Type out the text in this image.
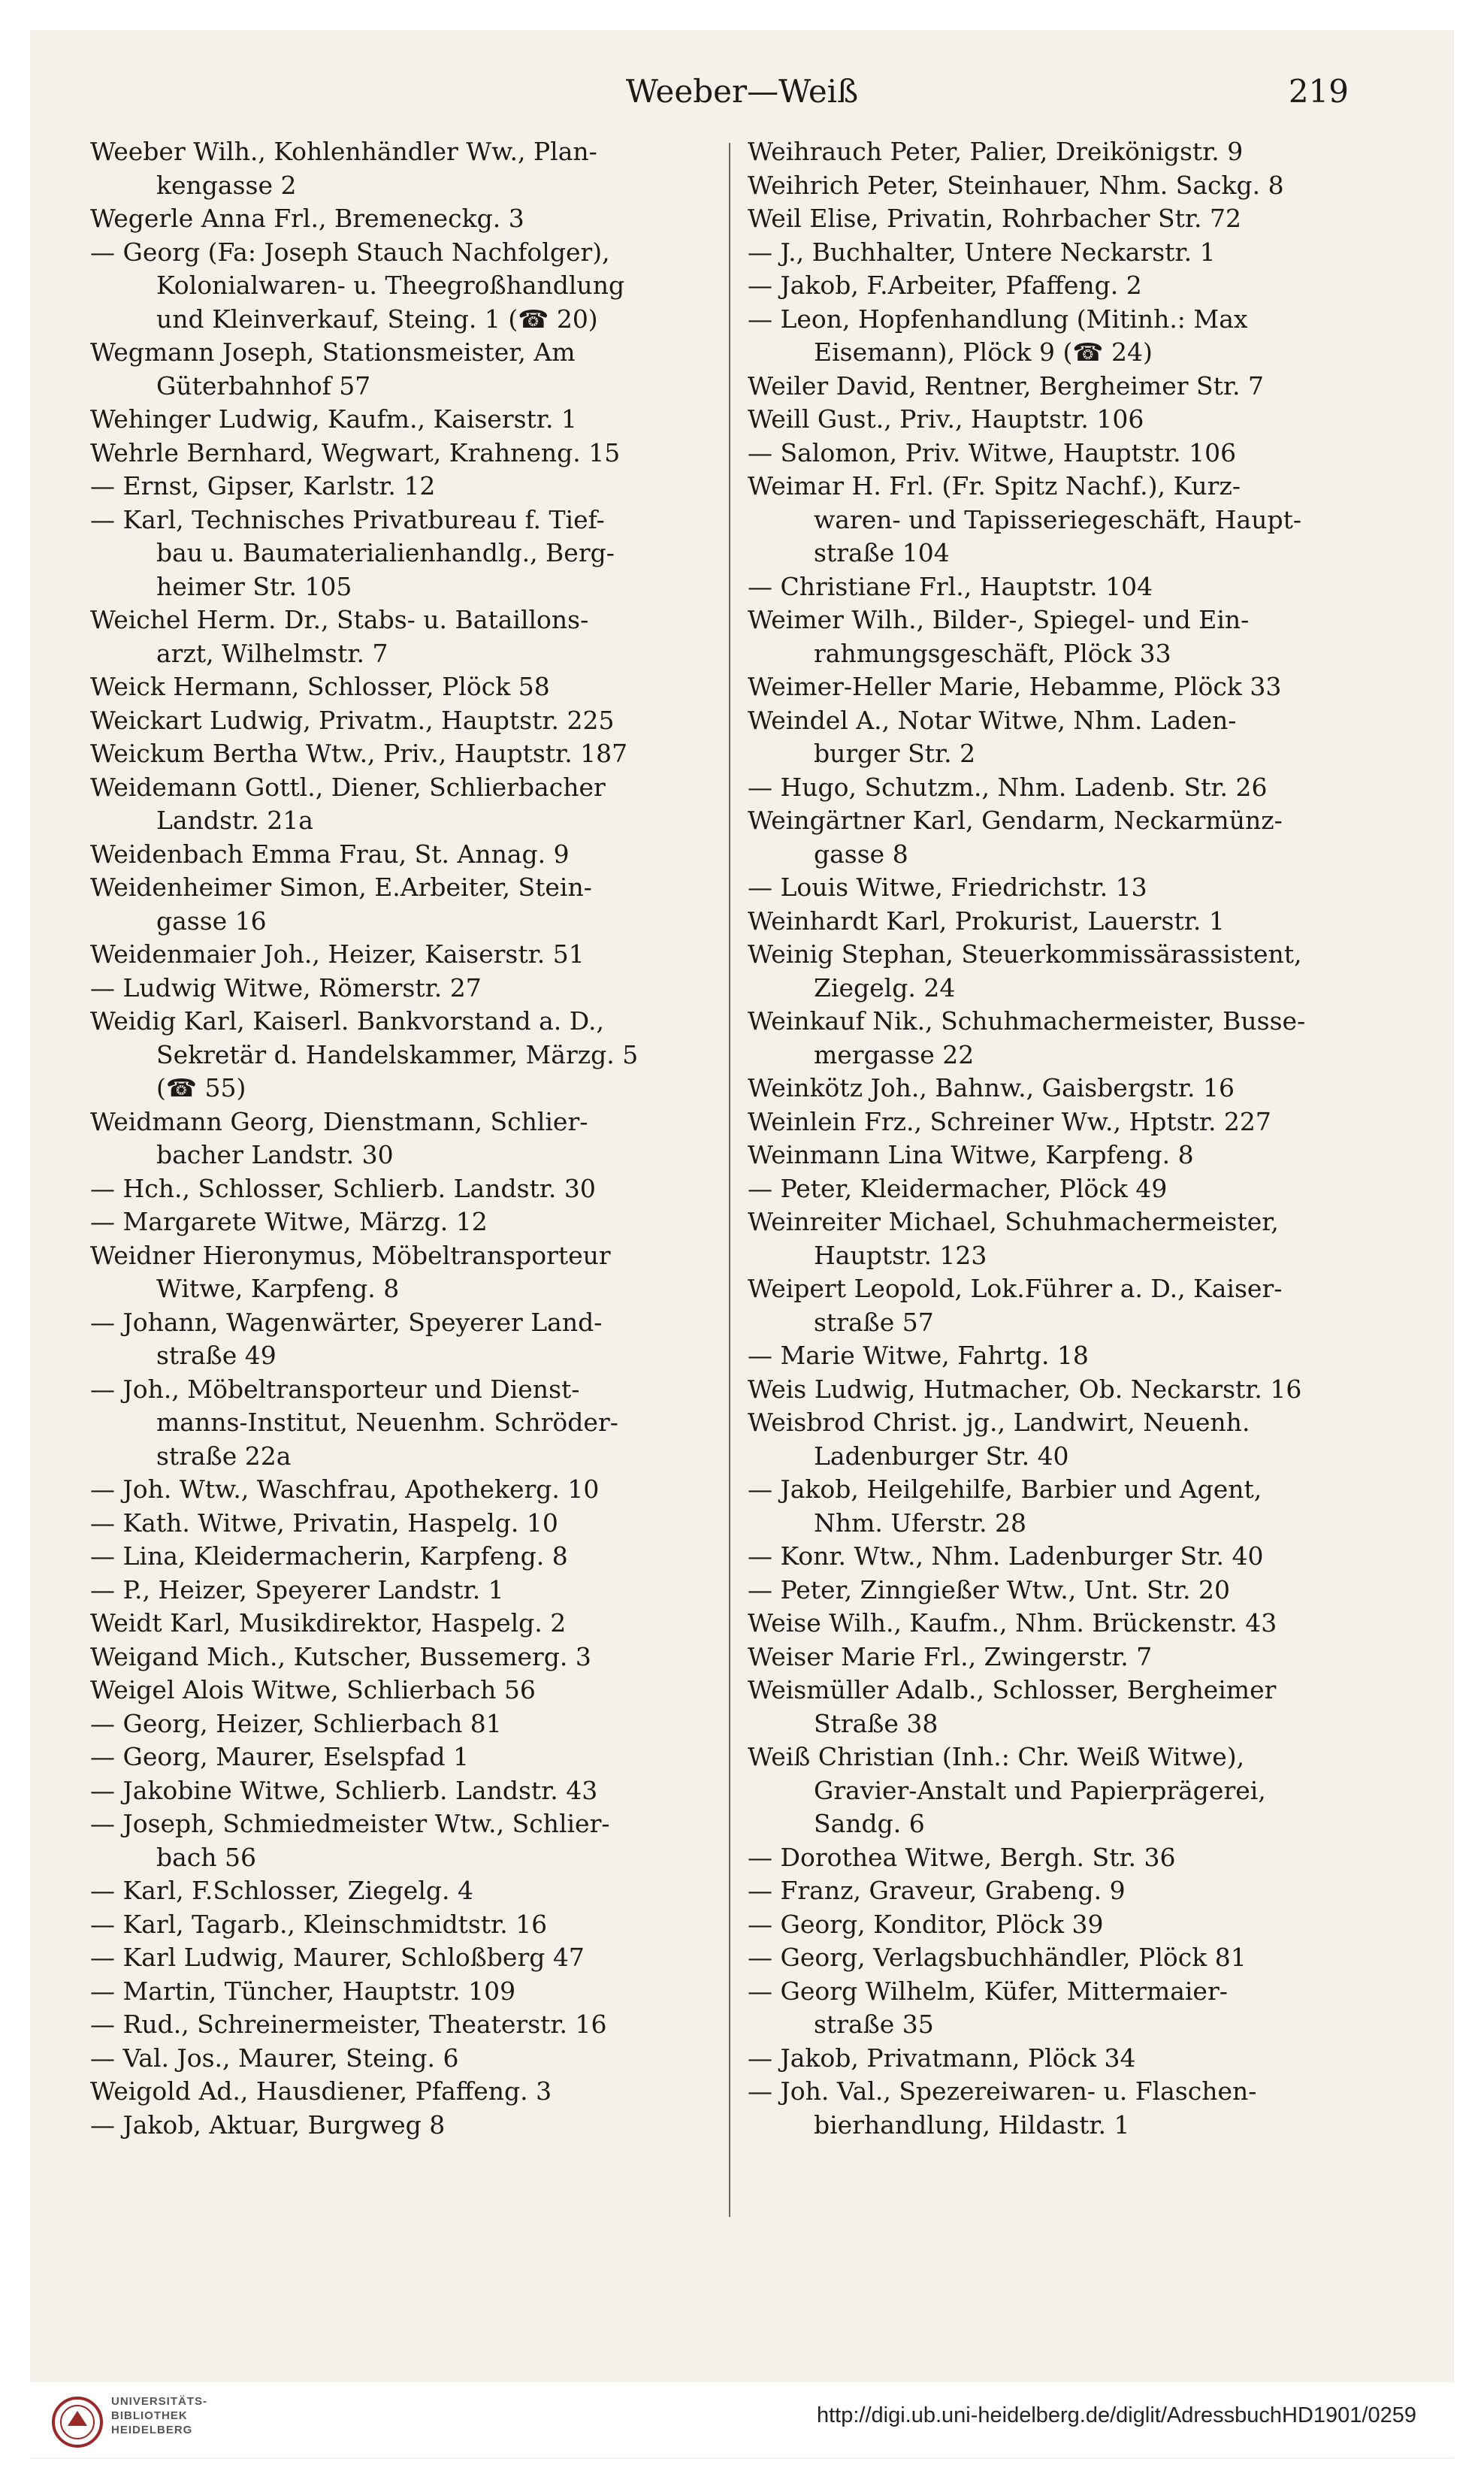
Weeber—Weiß	219
Weeber Wilh., Kohlenhändler Ww., Plan-
kengasse 2
Wegerle Anna Frl., Bremeneckg. 3
— Georg (Fa: Joseph Stauch Nachfolger),
Kolonialwaren- u. Theegroßhandlung
und Kleinverkauf, Steing. 1 (☎ 20)
Wegmann Joseph, Stationsmeister, Am
Güterbahnhof 57
Wehinger Ludwig, Kaufm., Kaiserstr. 1
Wehrle Bernhard, Wegwart, Krahneng. 15
— Ernst, Gipser, Karlstr. 12
— Karl, Technisches Privatbureau f. Tief-
bau u. Baumaterialienhandlg., Berg-
heimer Str. 105
Weichel Herm. Dr., Stabs- u. Bataillons-
arzt, Wilhelmstr. 7
Weick Hermann, Schlosser, Plöck 58
Weickart Ludwig, Privatm., Hauptstr. 225
Weickum Bertha Wtw., Priv., Hauptstr. 187
Weidemann Gottl., Diener, Schlierbacher
Landstr. 21a
Weidenbach Emma Frau, St. Annag. 9
Weidenheimer Simon, E.Arbeiter, Stein-
gasse 16
Weidenmaier Joh., Heizer, Kaiserstr. 51
— Ludwig Witwe, Römerstr. 27
Weidig Karl, Kaiserl. Bankvorstand a. D.,
Sekretär d. Handelskammer, Märzg. 5
(☎ 55)
Weidmann Georg, Dienstmann, Schlier-
bacher Landstr. 30
— Hch., Schlosser, Schlierb. Landstr. 30
— Margarete Witwe, Märzg. 12
Weidner Hieronymus, Möbeltransporteur
Witwe, Karpfeng. 8
— Johann, Wagenwärter, Speyerer Land-
straße 49
— Joh., Möbeltransporteur und Dienst-
manns-Institut, Neuenhm. Schröder-
straße 22a
— Joh. Wtw., Waschfrau, Apothekerg. 10
— Kath. Witwe, Privatin, Haspelg. 10
— Lina, Kleidermacherin, Karpfeng. 8
— P., Heizer, Speyerer Landstr. 1
Weidt Karl, Musikdirektor, Haspelg. 2
Weigand Mich., Kutscher, Bussemerg. 3
Weigel Alois Witwe, Schlierbach 56
— Georg, Heizer, Schlierbach 81
— Georg, Maurer, Eselspfad 1
— Jakobine Witwe, Schlierb. Landstr. 43
— Joseph, Schmiedmeister Wtw., Schlier-
bach 56
— Karl, F.Schlosser, Ziegelg. 4
— Karl, Tagarb., Kleinschmidtstr. 16
— Karl Ludwig, Maurer, Schloßberg 47
— Martin, Tüncher, Hauptstr. 109
— Rud., Schreinermeister, Theaterstr. 16
— Val. Jos., Maurer, Steing. 6
Weigold Ad., Hausdiener, Pfaffeng. 3
— Jakob, Aktuar, Burgweg 8
Weihrauch Peter, Palier, Dreikönigstr. 9
Weihrich Peter, Steinhauer, Nhm. Sackg. 8
Weil Elise, Privatin, Rohrbacher Str. 72
— J., Buchhalter, Untere Neckarstr. 1
— Jakob, F.Arbeiter, Pfaffeng. 2
— Leon, Hopfenhandlung (Mitinh.: Max
Eisemann), Plöck 9 (☎ 24)
Weiler David, Rentner, Bergheimer Str. 7
Weill Gust., Priv., Hauptstr. 106
— Salomon, Priv. Witwe, Hauptstr. 106
Weimar H. Frl. (Fr. Spitz Nachf.), Kurz-
waren- und Tapisseriegeschäft, Haupt-
straße 104
— Christiane Frl., Hauptstr. 104
Weimer Wilh., Bilder-, Spiegel- und Ein-
rahmungsgeschäft, Plöck 33
Weimer-Heller Marie, Hebamme, Plöck 33
Weindel A., Notar Witwe, Nhm. Laden-
burger Str. 2
— Hugo, Schutzm., Nhm. Ladenb. Str. 26
Weingärtner Karl, Gendarm, Neckarmünz-
gasse 8
— Louis Witwe, Friedrichstr. 13
Weinhardt Karl, Prokurist, Lauerstr. 1
Weinig Stephan, Steuerkommissärassistent,
Ziegelg. 24
Weinkauf Nik., Schuhmachermeister, Busse-
mergasse 22
Weinkötz Joh., Bahnw., Gaisbergstr. 16
Weinlein Frz., Schreiner Ww., Hptstr. 227
Weinmann Lina Witwe, Karpfeng. 8
— Peter, Kleidermacher, Plöck 49
Weinreiter Michael, Schuhmachermeister,
Hauptstr. 123
Weipert Leopold, Lok.Führer a. D., Kaiser-
straße 57
— Marie Witwe, Fahrtg. 18
Weis Ludwig, Hutmacher, Ob. Neckarstr. 16
Weisbrod Christ. jg., Landwirt, Neuenh.
Ladenburger Str. 40
— Jakob, Heilgehilfe, Barbier und Agent,
Nhm. Uferstr. 28
— Konr. Wtw., Nhm. Ladenburger Str. 40
— Peter, Zinngießer Wtw., Unt. Str. 20
Weise Wilh., Kaufm., Nhm. Brückenstr. 43
Weiser Marie Frl., Zwingerstr. 7
Weismüller Adalb., Schlosser, Bergheimer
Straße 38
Weiß Christian (Inh.: Chr. Weiß Witwe),
Gravier-Anstalt und Papierprägerei,
Sandg. 6
— Dorothea Witwe, Bergh. Str. 36
— Franz, Graveur, Grabeng. 9
— Georg, Konditor, Plöck 39
— Georg, Verlagsbuchhändler, Plöck 81
— Georg Wilhelm, Küfer, Mittermaier-
straße 35
— Jakob, Privatmann, Plöck 34
— Joh. Val., Spezereiwaren- u. Flaschen-
bierhandlung, Hildastr. 1
UNIVERSITÄTS-
BIBLIOTHEK
HEIDELBERG
http://digi.ub.uni-heidelberg.de/diglit/AdressbuchHD1901/0259
